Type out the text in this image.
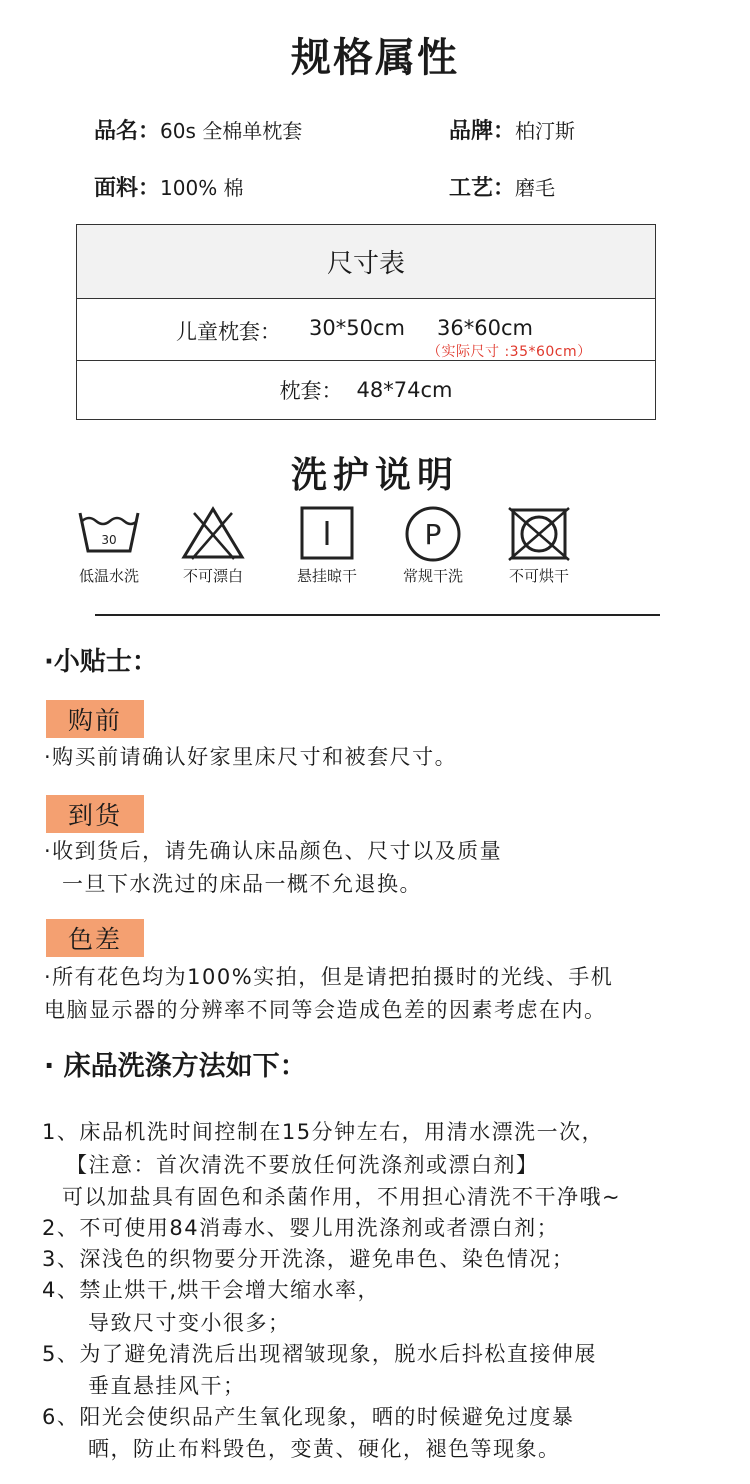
规格属性
品名：60s 全棉单枕套	品牌：柏汀斯
面料：100% 棉	工艺：磨毛
尺寸表
儿童枕套： 30*50cm 36*60cm
（实际尺寸 :35*60cm）
枕套： 48*74cm
洗护说明
30
低温水洗	不可漂白	悬挂晾干
P
常规干洗	不可烘干
·小贴士：
购前
·购买前请确认好家里床尺寸和被套尺寸。
到货
·收到货后，请先确认床品颜色、尺寸以及质量
一旦下水洗过的床品一概不允退换。
色差
·所有花色均为100%实拍，但是请把拍摄时的光线、手机
电脑显示器的分辨率不同等会造成色差的因素考虑在内。
· 床品洗涤方法如下：
1、床品机洗时间控制在15分钟左右，用清水漂洗一次，
【注意：首次清洗不要放任何洗涤剂或漂白剂】
可以加盐具有固色和杀菌作用，不用担心清洗不干净哦~
2、不可使用84消毒水、婴儿用洗涤剂或者漂白剂；
3、深浅色的织物要分开洗涤，避免串色、染色情况；
4、禁止烘干,烘干会增大缩水率，
导致尺寸变小很多；
5、为了避免清洗后出现褶皱现象，脱水后抖松直接伸展
垂直悬挂风干；
6、阳光会使织品产生氧化现象，晒的时候避免过度暴
晒，防止布料毁色，变黄、硬化，褪色等现象。
